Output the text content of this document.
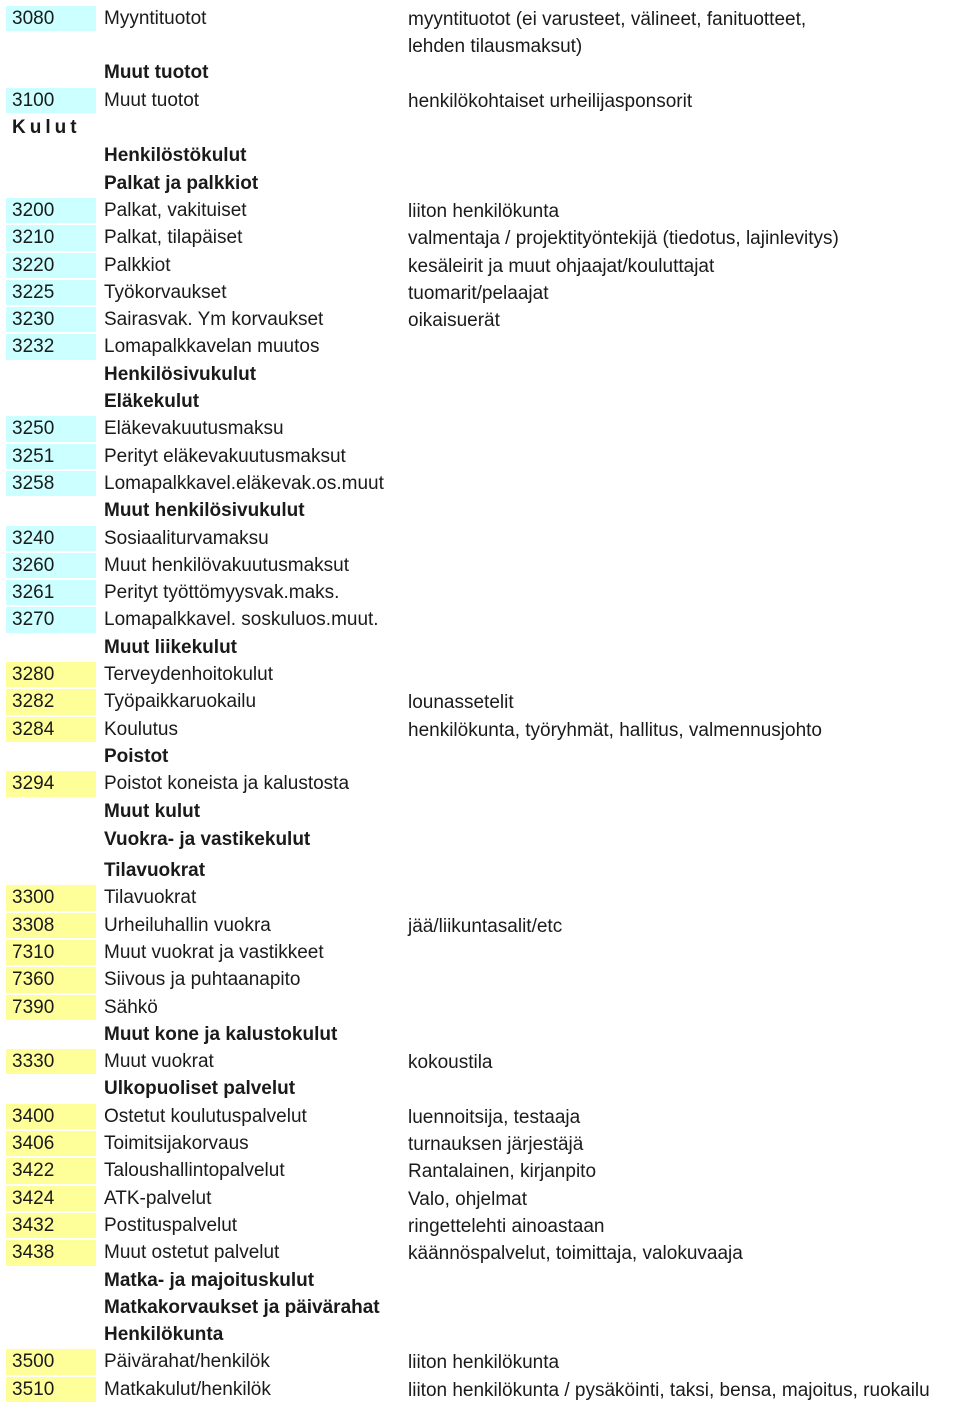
3080	Myyntituotot	myyntituotot (ei varusteet, välineet, fanituotteet,
lehden tilausmaksut)
Muut tuotot
3100	Muut tuotot	henkilökohtaiset urheilijasponsorit
Kulut
Henkilöstökulut
Palkat ja palkkiot
3200	Palkat, vakituiset	liiton henkilökunta
3210	Palkat, tilapäiset	valmentaja / projektityöntekijä (tiedotus, lajinlevitys)
3220	Palkkiot	kesäleirit ja muut ohjaajat/kouluttajat
3225	Työkorvaukset	tuomarit/pelaajat
3230	Sairasvak. Ym korvaukset	oikaisuerät
3232	Lomapalkkavelan muutos
Henkilösivukulut
Eläkekulut
3250	Eläkevakuutusmaksu
3251	Perityt eläkevakuutusmaksut
3258	Lomapalkkavel.eläkevak.os.muut
Muut henkilösivukulut
3240	Sosiaaliturvamaksu
3260	Muut henkilövakuutusmaksut
3261	Perityt työttömyysvak.maks.
3270	Lomapalkkavel. soskuluos.muut.
Muut liikekulut
3280	Terveydenhoitokulut
3282	Työpaikkaruokailu	lounassetelit
3284	Koulutus	henkilökunta, työryhmät, hallitus, valmennusjohto
Poistot
3294	Poistot koneista ja kalustosta
Muut kulut
Vuokra- ja vastikekulut
Tilavuokrat
3300	Tilavuokrat
3308	Urheiluhallin vuokra	jää/liikuntasalit/etc
7310	Muut vuokrat ja vastikkeet
7360	Siivous ja puhtaanapito
7390	Sähkö
Muut kone ja kalustokulut
3330	Muut vuokrat	kokoustila
Ulkopuoliset palvelut
3400	Ostetut koulutuspalvelut	luennoitsija, testaaja
3406	Toimitsijakorvaus	turnauksen järjestäjä
3422	Taloushallintopalvelut	Rantalainen, kirjanpito
3424	ATK-palvelut	Valo, ohjelmat
3432	Postituspalvelut	ringettelehti ainoastaan
3438	Muut ostetut palvelut	käännöspalvelut, toimittaja, valokuvaaja
Matka- ja majoituskulut
Matkakorvaukset ja päivärahat
Henkilökunta
3500	Päivärahat/henkilök	liiton henkilökunta
3510	Matkakulut/henkilök	liiton henkilökunta / pysäköinti, taksi, bensa, majoitus, ruokailu
